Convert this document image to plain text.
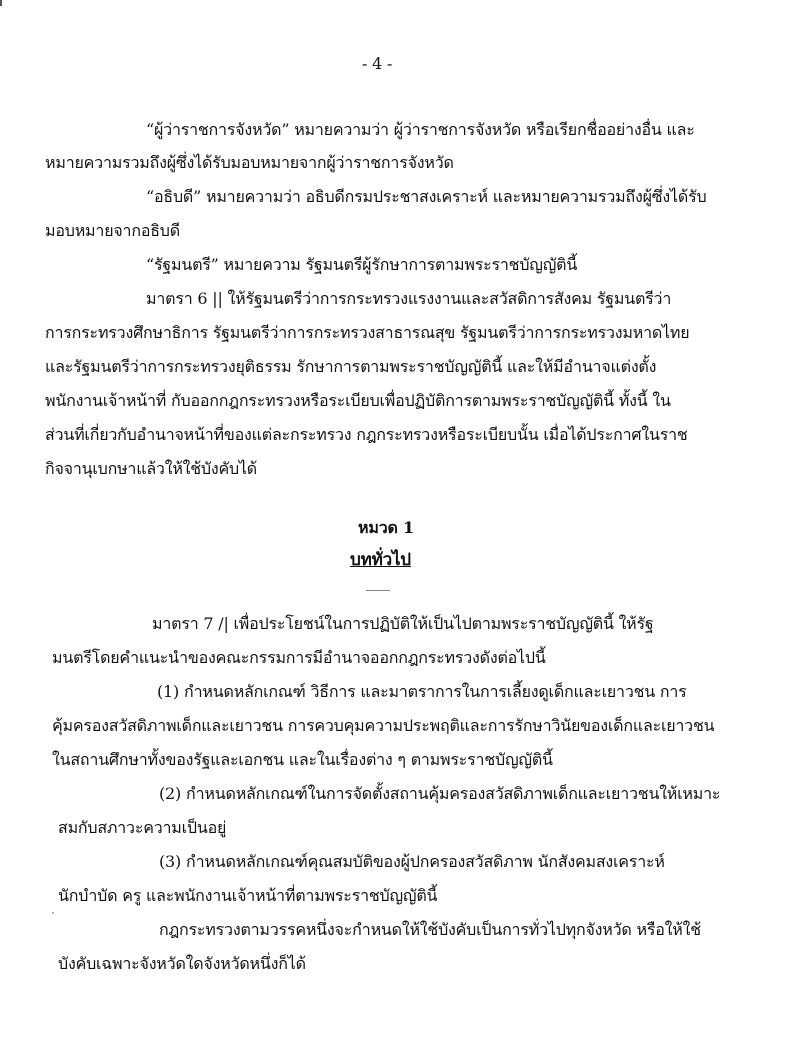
- 4 -
“ผู้ว่าราชการจังหวัด” หมายความว่า ผู้ว่าราชการจังหวัด หรือเรียกชื่ออย่างอื่น และ
หมายความรวมถึงผู้ซึ่งได้รับมอบหมายจากผู้ว่าราชการจังหวัด
“อธิบดี” หมายความว่า อธิบดีกรมประชาสงเคราะห์ และหมายความรวมถึงผู้ซึ่งได้รับ
มอบหมายจากอธิบดี
“รัฐมนตรี” หมายความ รัฐมนตรีผู้รักษาการตามพระราชบัญญัตินี้
มาตรา 6 || ให้รัฐมนตรีว่าการกระทรวงแรงงานและสวัสดิการสังคม รัฐมนตรีว่า
การกระทรวงศึกษาธิการ รัฐมนตรีว่าการกระทรวงสาธารณสุข รัฐมนตรีว่าการกระทรวงมหาดไทย
และรัฐมนตรีว่าการกระทรวงยุติธรรม รักษาการตามพระราชบัญญัตินี้ และให้มีอำนาจแต่งตั้ง
พนักงานเจ้าหน้าที่ กับออกกฎกระทรวงหรือระเบียบเพื่อปฏิบัติการตามพระราชบัญญัตินี้ ทั้งนี้ ใน
ส่วนที่เกี่ยวกับอำนาจหน้าที่ของแต่ละกระทรวง กฎกระทรวงหรือระเบียบนั้น เมื่อได้ประกาศในราช
กิจจานุเบกษาแล้วให้ใช้บังคับได้
หมวด 1
บททั่วไป
มาตรา 7 /| เพื่อประโยชน์ในการปฏิบัติให้เป็นไปตามพระราชบัญญัตินี้ ให้รัฐ
มนตรีโดยคำแนะนำของคณะกรรมการมีอำนาจออกกฎกระทรวงดังต่อไปนี้
(1) กำหนดหลักเกณฑ์ วิธีการ และมาตราการในการเลี้ยงดูเด็กและเยาวชน การ
คุ้มครองสวัสดิภาพเด็กและเยาวชน การควบคุมความประพฤติและการรักษาวินัยของเด็กและเยาวชน
ในสถานศึกษาทั้งของรัฐและเอกชน และในเรื่องต่าง ๆ ตามพระราชบัญญัตินี้
(2) กำหนดหลักเกณฑ์ในการจัดตั้งสถานคุ้มครองสวัสดิภาพเด็กและเยาวชนให้เหมาะ
สมกับสภาวะความเป็นอยู่
(3) กำหนดหลักเกณฑ์คุณสมบัติของผู้ปกครองสวัสดิภาพ นักสังคมสงเคราะห์
นักบำบัด ครู และพนักงานเจ้าหน้าที่ตามพระราชบัญญัตินี้
กฎกระทรวงตามวรรคหนึ่งจะกำหนดให้ใช้บังคับเป็นการทั่วไปทุกจังหวัด หรือให้ใช้
บังคับเฉพาะจังหวัดใดจังหวัดหนึ่งก็ได้
